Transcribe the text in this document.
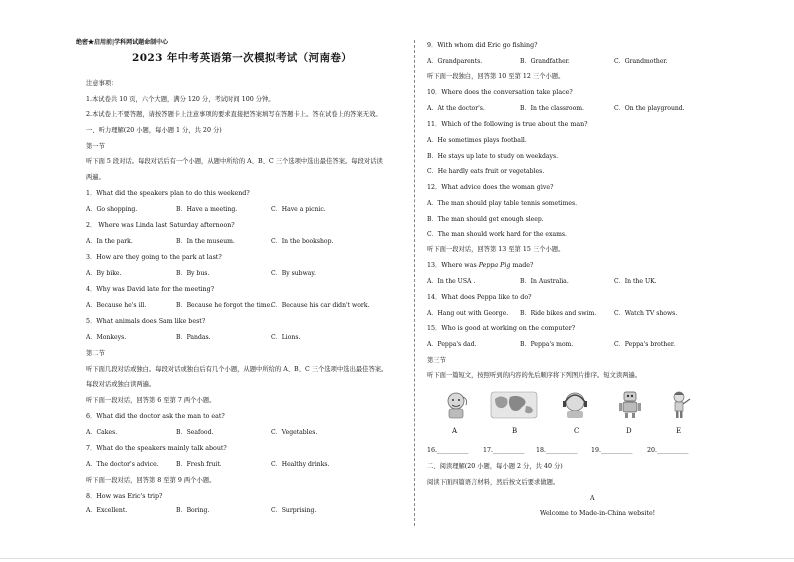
绝密★启用前|学科网试题命制中心
2023 年中考英语第一次模拟考试（河南卷）
注意事项：
1.本试卷共 10 页，六个大题，满分 120 分，考试时间 100 分钟。
2.本试卷上不要答题，请按答题卡上注意事项的要求直接把答案填写在答题卡上。答在试卷上的答案无效。
一、听力理解(20 小题，每小题 1 分，共 20 分)
第一节
听下面 5 段对话。每段对话后有一个小题，从题中所给的 A、B、C 三个选项中选出最佳答案。每段对话读
两遍。
1．What did the speakers plan to do this weekend?
A．Go shopping.	B．Have a meeting.	C．Have a picnic.
2． Where was Linda last Saturday afternoon?
A．In the park.	B．In the museum.	C．In the bookshop.
3．How are they going to the park at last?
A．By bike.	B．By bus.	C．By subway.
4．Why was David late for the meeting?
A．Because he's ill.	B．Because he forgot the time.
C．Because his car didn't work.
5．What animals does Sam like best?
A．Monkeys.	B．Pandas.	C．Lions.
第二节
听下面几段对话或独白。每段对话或独白后有几个小题，从题中所给的 A、B、C 三个选项中选出最佳答案。
每段对话或独白读两遍。
听下面一段对话，回答第 6 至第 7 两个小题。
6．What did the doctor ask the man to eat?
A．Cakes.	B．Seafood.	C．Vegetables.
7．What do the speakers mainly talk about?
A．The doctor's advice.	B．Fresh fruit.	C．Healthy drinks.
听下面一段对话，回答第 8 至第 9 两个小题。
8．How was Eric's trip?
A．Excellent.	B．Boring.	C．Surprising.
9．With whom did Eric go fishing?
A．Grandparents.	B．Grandfather.	C．Grandmother.
听下面一段独白，回答第 10 至第 12 三个小题。
10．Where does the conversation take place?
A．At the doctor's.	B．In the classroom.	C．On the playground.
11．Which of the following is true about the man?
A．He sometimes plays football.
B．He stays up late to study on weekdays.
C．He hardly eats fruit or vegetables.
12．What advice does the woman give?
A．The man should play table tennis sometimes.
B．The man should get enough sleep.
C．The man should work hard for the exams.
听下面一段对话，回答第 13 至第 15 三个小题。
13．Where was Peppa Pig made?
A．In the USA .	B．In Australia.	C．In the UK.
14．What does Peppa like to do?
A．Hang out with George. B．Ride bikes and swim.	C．Watch TV shows.
15．Who is good at working on the computer?
A．Peppa's dad.	B．Peppa's mom.	C．Peppa's brother.
第三节
听下面一篇短文，按照听到的内容的先后顺序将下列图片排序。短文读两遍。
A	B	C	D	E
16.__________ 17.__________ 18.__________ 19.__________ 20.__________
二、阅读理解(20 小题，每小题 2 分，共 40 分)
阅读下面四篇语言材料，然后按文后要求做题。
A
Welcome to Made-in-China website!
